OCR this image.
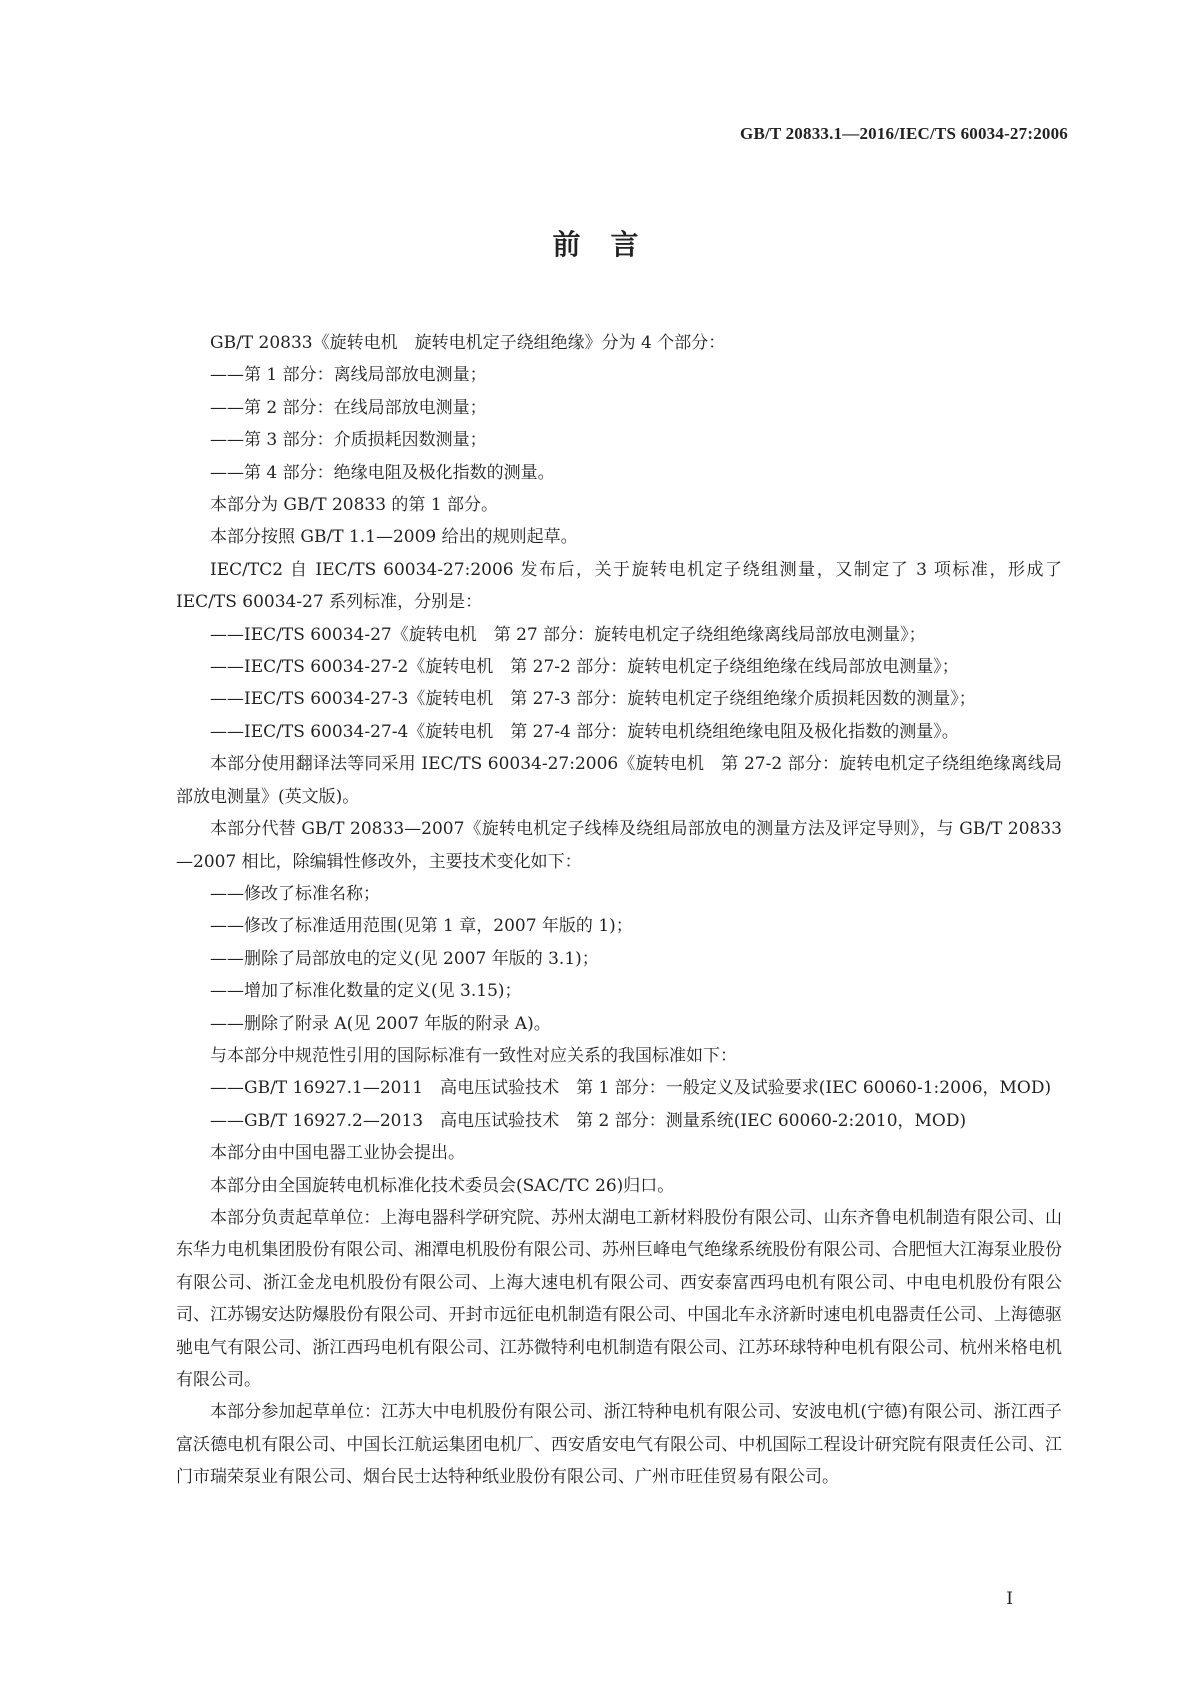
GB/T 20833.1—2016/IEC/TS 60034-27:2006
前言

GB/T 20833《旋转电机　旋转电机定子绕组绝缘》分为 4 个部分：

——第 1 部分：离线局部放电测量；

——第 2 部分：在线局部放电测量；

——第 3 部分：介质损耗因数测量；

——第 4 部分：绝缘电阻及极化指数的测量。

本部分为 GB/T 20833 的第 1 部分。

本部分按照 GB/T 1.1—2009 给出的规则起草。

IEC/TC2 自 IEC/TS 60034-27:2006 发布后，关于旋转电机定子绕组测量，又制定了 3 项标准，形成了 IEC/TS 60034-27 系列标准，分别是：

——IEC/TS 60034-27《旋转电机　第 27 部分：旋转电机定子绕组绝缘离线局部放电测量》；

——IEC/TS 60034-27-2《旋转电机　第 27-2 部分：旋转电机定子绕组绝缘在线局部放电测量》；

——IEC/TS 60034-27-3《旋转电机　第 27-3 部分：旋转电机定子绕组绝缘介质损耗因数的测量》；

——IEC/TS 60034-27-4《旋转电机　第 27-4 部分：旋转电机绕组绝缘电阻及极化指数的测量》。

本部分使用翻译法等同采用 IEC/TS 60034-27:2006《旋转电机　第 27-2 部分：旋转电机定子绕组绝缘离线局部放电测量》(英文版)。

本部分代替 GB/T 20833—2007《旋转电机定子线棒及绕组局部放电的测量方法及评定导则》，与 GB/T 20833—2007 相比，除编辑性修改外，主要技术变化如下：

——修改了标准名称；

——修改了标准适用范围(见第 1 章，2007 年版的 1)；

——删除了局部放电的定义(见 2007 年版的 3.1)；

——增加了标准化数量的定义(见 3.15)；

——删除了附录 A(见 2007 年版的附录 A)。

与本部分中规范性引用的国际标准有一致性对应关系的我国标准如下：

——GB/T 16927.1—2011　高电压试验技术　第 1 部分：一般定义及试验要求(IEC 60060-1:2006，MOD)

——GB/T 16927.2—2013　高电压试验技术　第 2 部分：测量系统(IEC 60060-2:2010，MOD)

本部分由中国电器工业协会提出。

本部分由全国旋转电机标准化技术委员会(SAC/TC 26)归口。

本部分负责起草单位：上海电器科学研究院、苏州太湖电工新材料股份有限公司、山东齐鲁电机制造有限公司、山东华力电机集团股份有限公司、湘潭电机股份有限公司、苏州巨峰电气绝缘系统股份有限公司、合肥恒大江海泵业股份有限公司、浙江金龙电机股份有限公司、上海大速电机有限公司、西安泰富西玛电机有限公司、中电电机股份有限公司、江苏锡安达防爆股份有限公司、开封市远征电机制造有限公司、中国北车永济新时速电机电器责任公司、上海德驱驰电气有限公司、浙江西玛电机有限公司、江苏微特利电机制造有限公司、江苏环球特种电机有限公司、杭州米格电机有限公司。

本部分参加起草单位：江苏大中电机股份有限公司、浙江特种电机有限公司、安波电机(宁德)有限公司、浙江西子富沃德电机有限公司、中国长江航运集团电机厂、西安盾安电气有限公司、中机国际工程设计研究院有限责任公司、江门市瑞荣泵业有限公司、烟台民士达特种纸业股份有限公司、广州市旺佳贸易有限公司。

I
